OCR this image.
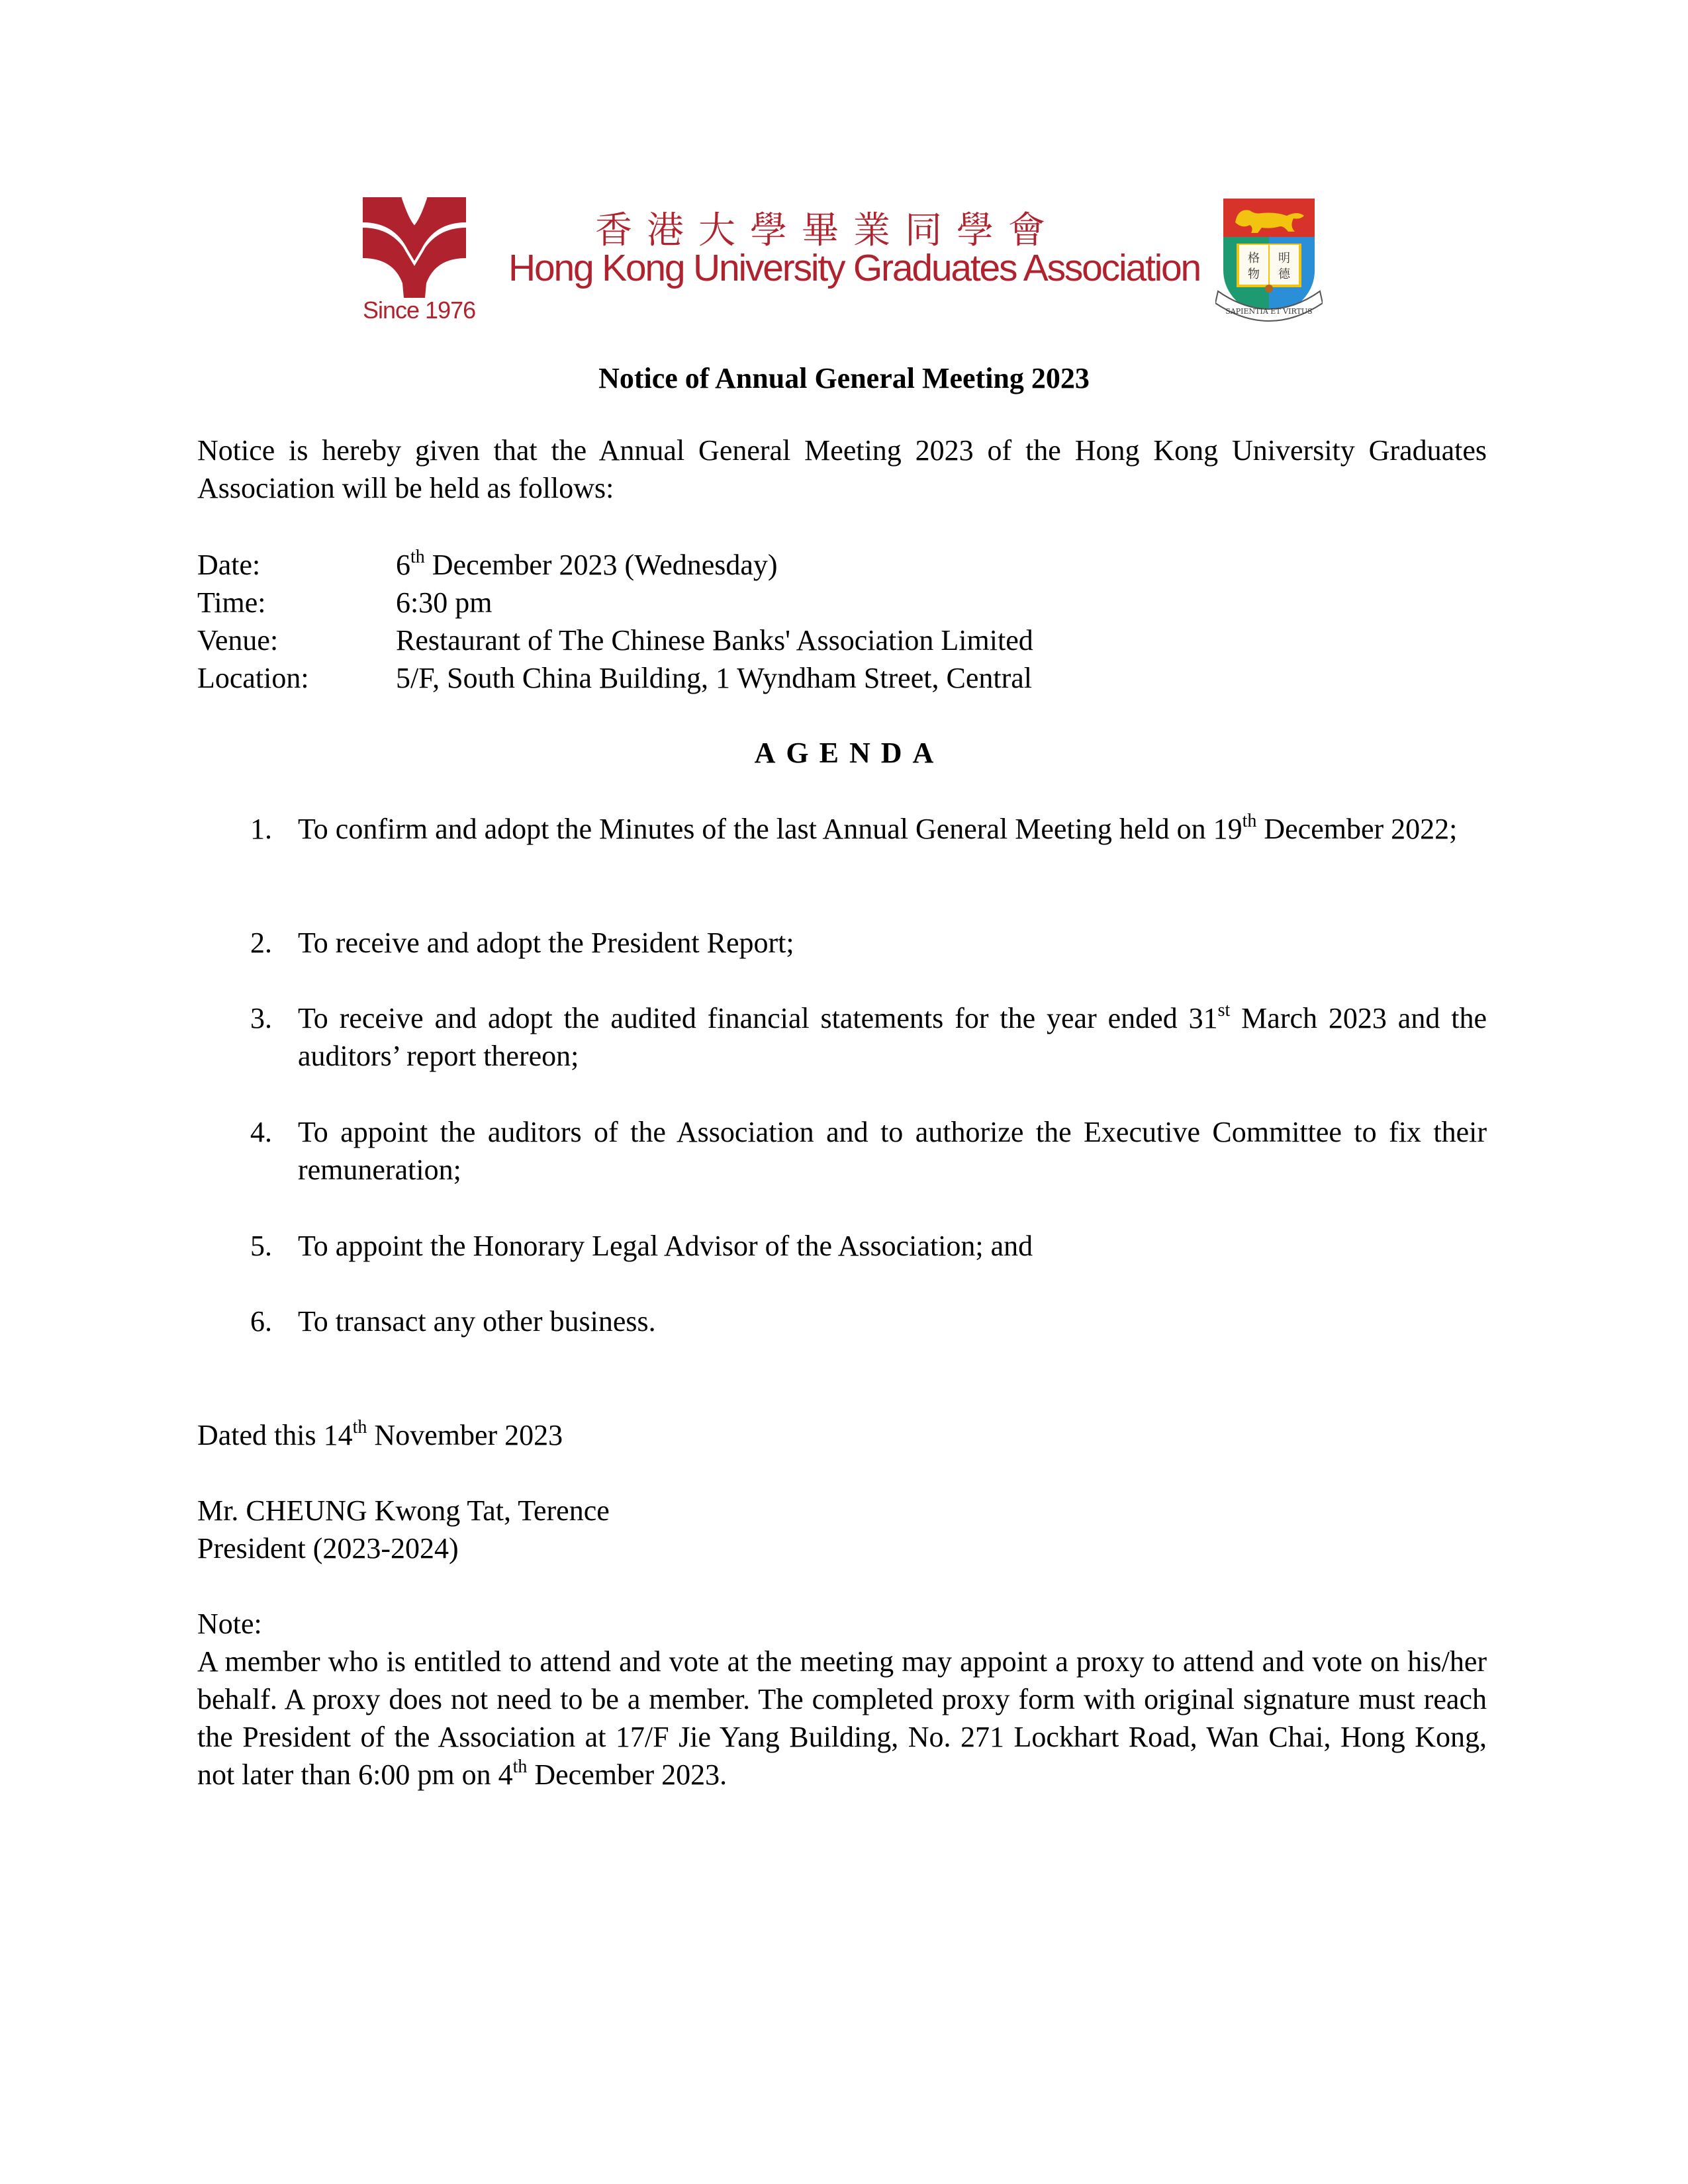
Since 1976
香港大學畢業同學會
Hong Kong University Graduates Association	格 明
物 德
SAPIENTIA ET VIRTUS
Notice of Annual General Meeting 2023
Notice is hereby given that the Annual General Meeting 2023 of the Hong Kong University Graduates Association will be held as follows:
Date:	6th December 2023 (Wednesday)
Time:	6:30 pm
Venue:	Restaurant of The Chinese Banks' Association Limited
Location:	5/F, South China Building, 1 Wyndham Street, Central
AGENDA
1. To confirm and adopt the Minutes of the last Annual General Meeting held on 19th December 2022;
2. To receive and adopt the President Report;
3. To receive and adopt the audited financial statements for the year ended 31st March 2023 and the auditors’ report thereon;
4. To appoint the auditors of the Association and to authorize the Executive Committee to fix their remuneration;
5. To appoint the Honorary Legal Advisor of the Association; and
6. To transact any other business.
Dated this 14th November 2023
Mr. CHEUNG Kwong Tat, Terence
President (2023-2024)
Note:
A member who is entitled to attend and vote at the meeting may appoint a proxy to attend and vote on his/her behalf. A proxy does not need to be a member. The completed proxy form with original signature must reach the President of the Association at 17/F Jie Yang Building, No. 271 Lockhart Road, Wan Chai, Hong Kong, not later than 6:00 pm on 4th December 2023.
